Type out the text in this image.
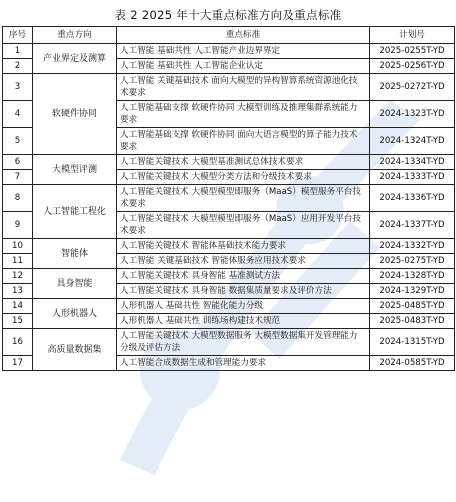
表 2 2025 年十大重点标准方向及重点标准
序号	重点方向	重点标准	计划号
1	产业界定及测算	人工智能 基础共性 人工智能产业边界界定	2025-0255T-YD
2		人工智能 基础共性 人工智能企业认定	2025-0256T-YD
3	软硬件协同	人工智能 关键基础技术 面向大模型的异构智算系统资源池化技术要求	2025-0272T-YD
4		人工智能基础支撑 软硬件协同 大模型训练及推理集群系统能力要求	2024-1323T-YD
5		人工智能基础支撑 软硬件协同 面向大语言模型的算子能力技术要求	2024-1324T-YD
6	大模型评测	人工智能关键技术 大模型基准测试总体技术要求	2024-1334T-YD
7		人工智能关键技术 大模型分类方法和分级技术要求	2024-1333T-YD
8	人工智能工程化	人工智能关键技术 大模型模型即服务（MaaS）模型服务平台技术要求	2024-1336T-YD
9		人工智能关键技术 大模型模型即服务（MaaS）应用开发平台技术要求	2024-1337T-YD
10	智能体	人工智能关键技术 智能体基础技术能力要求	2024-1332T-YD
11		人工智能 关键基础技术 智能体服务应用技术要求	2025-0275T-YD
12	具身智能	人工智能关键技术 具身智能 基准测试方法	2024-1328T-YD
13		人工智能关键技术 具身智能 数据集质量要求及评价方法	2024-1329T-YD
14	人形机器人	人形机器人 基础共性 智能化能力分级	2025-0485T-YD
15		人形机器人 基础共性 训练场构建技术规范	2025-0483T-YD
16	高质量数据集	人工智能关键技术 大模型数据服务 大模型数据集开发管理能力分级及评估方法	2024-1315T-YD
17		人工智能合成数据生成和管理能力要求	2024-0585T-YD
